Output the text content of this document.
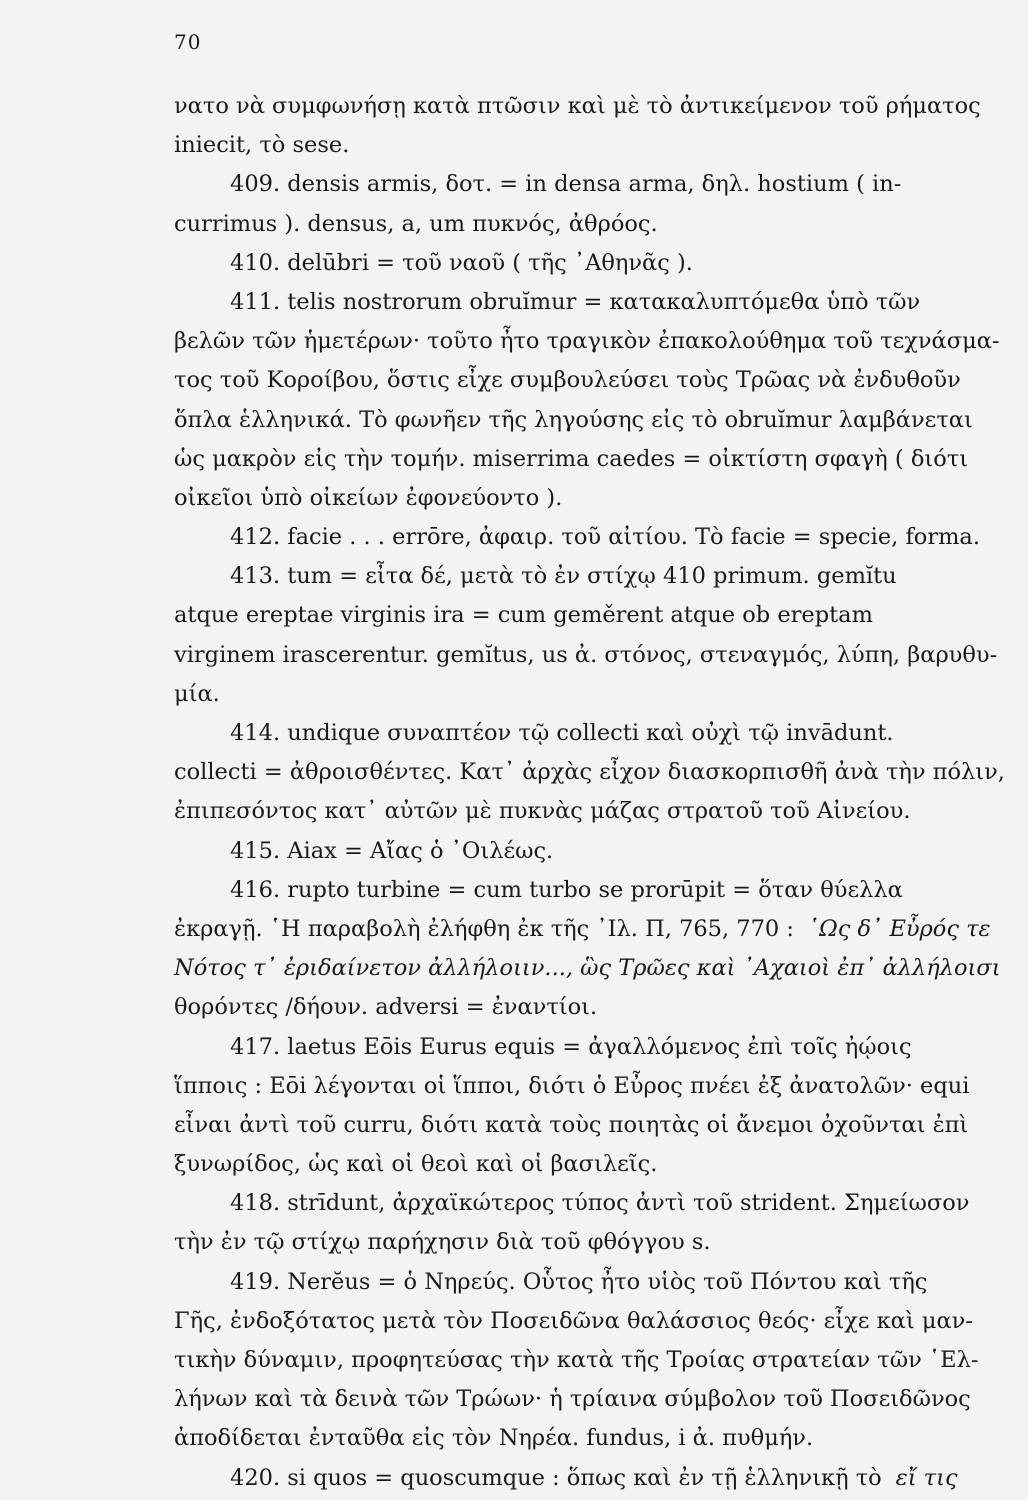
70
νατο νὰ συμφωνήσῃ κατὰ πτῶσιν καὶ μὲ τὸ ἀντικείμενον τοῦ ρήματος
iniecit, τὸ sese.
409. densis armis, δοτ. = in densa arma, δηλ. hostium ( in-
currimus ). densus, a, um πυκνός, ἀθρόος.
410. delūbri = τοῦ ναοῦ ( τῆς ᾿Αθηνᾶς ).
411. telis nostrorum obruĭmur = κατακαλυπτόμεθα ὑπὸ τῶν
βελῶν τῶν ἡμετέρων· τοῦτο ἦτο τραγικὸν ἐπακολούθημα τοῦ τεχνάσμα-
τος τοῦ Κοροίβου, ὅστις εἶχε συμβουλεύσει τοὺς Τρῶας νὰ ἐνδυθοῦν
ὅπλα ἑλληνικά. Τὸ φωνῆεν τῆς ληγούσης εἰς τὸ obruĭmur λαμβάνεται
ὡς μακρὸν εἰς τὴν τομήν. miserrima caedes = οἰκτίστη σφαγὴ ( διότι
οἰκεῖοι ὑπὸ οἰκείων ἐφονεύοντο ).
412. facie . . . errōre, ἀφαιρ. τοῦ αἰτίου. Τὸ facie = specie, forma.
413. tum = εἶτα δέ, μετὰ τὸ ἐν στίχῳ 410 primum. gemĭtu
atque ereptae virginis ira = cum geměrent atque ob ereptam
virginem irascerentur. gemĭtus, us ἀ. στόνος, στεναγμός, λύπη, βαρυθυ-
μία.
414. undique συναπτέον τῷ collecti καὶ οὐχὶ τῷ invādunt.
collecti = ἀθροισθέντες. Κατ᾿ ἀρχὰς εἶχον διασκορπισθῆ ἀνὰ τὴν πόλιν,
ἐπιπεσόντος κατ᾿ αὐτῶν μὲ πυκνὰς μάζας στρατοῦ τοῦ Αἰνείου.
415. Aiax = Αἴας ὁ ᾿Οιλέως.
416. rupto turbine = cum turbo se prorūpit = ὅταν θύελλα
ἐκραγῇ. ῾Η παραβολὴ ἐλήφθη ἐκ τῆς ᾿Ιλ. Π, 765, 770 : ῾Ως δ᾿ Εὖρός τε
Νότος τ᾿ ἐριδαίνετον ἀλλήλοιιν..., ὣς Τρῶες καὶ ᾿Αχαιοὶ ἐπ᾿ ἀλλήλοισι
θορόντες /δήουν. adversi = ἐναντίοι.
417. laetus Eōis Eurus equis = ἀγαλλόμενος ἐπὶ τοῖς ἠῴοις
ἵπποις : Eōi λέγονται οἱ ἵπποι, διότι ὁ Εὖρος πνέει ἐξ ἀνατολῶν· equi
εἶναι ἀντὶ τοῦ curru, διότι κατὰ τοὺς ποιητὰς οἱ ἄνεμοι ὀχοῦνται ἐπὶ
ξυνωρίδος, ὡς καὶ οἱ θεοὶ καὶ οἱ βασιλεῖς.
418. strīdunt, ἀρχαϊκώτερος τύπος ἀντὶ τοῦ strident. Σημείωσον
τὴν ἐν τῷ στίχῳ παρήχησιν διὰ τοῦ φθόγγου s.
419. Nerĕus = ὁ Νηρεύς. Οὗτος ἦτο υἱὸς τοῦ Πόντου καὶ τῆς
Γῆς, ἐνδοξότατος μετὰ τὸν Ποσειδῶνα θαλάσσιος θεός· εἶχε καὶ μαν-
τικὴν δύναμιν, προφητεύσας τὴν κατὰ τῆς Τροίας στρατείαν τῶν ῾Ελ-
λήνων καὶ τὰ δεινὰ τῶν Τρώων· ἡ τρίαινα σύμβολον τοῦ Ποσειδῶνος
ἀποδίδεται ἐνταῦθα εἰς τὸν Νηρέα. fundus, i ἀ. πυθμήν.
420. si quos = quoscumque : ὅπως καὶ ἐν τῇ ἑλληνικῇ τὸ εἴ τις
